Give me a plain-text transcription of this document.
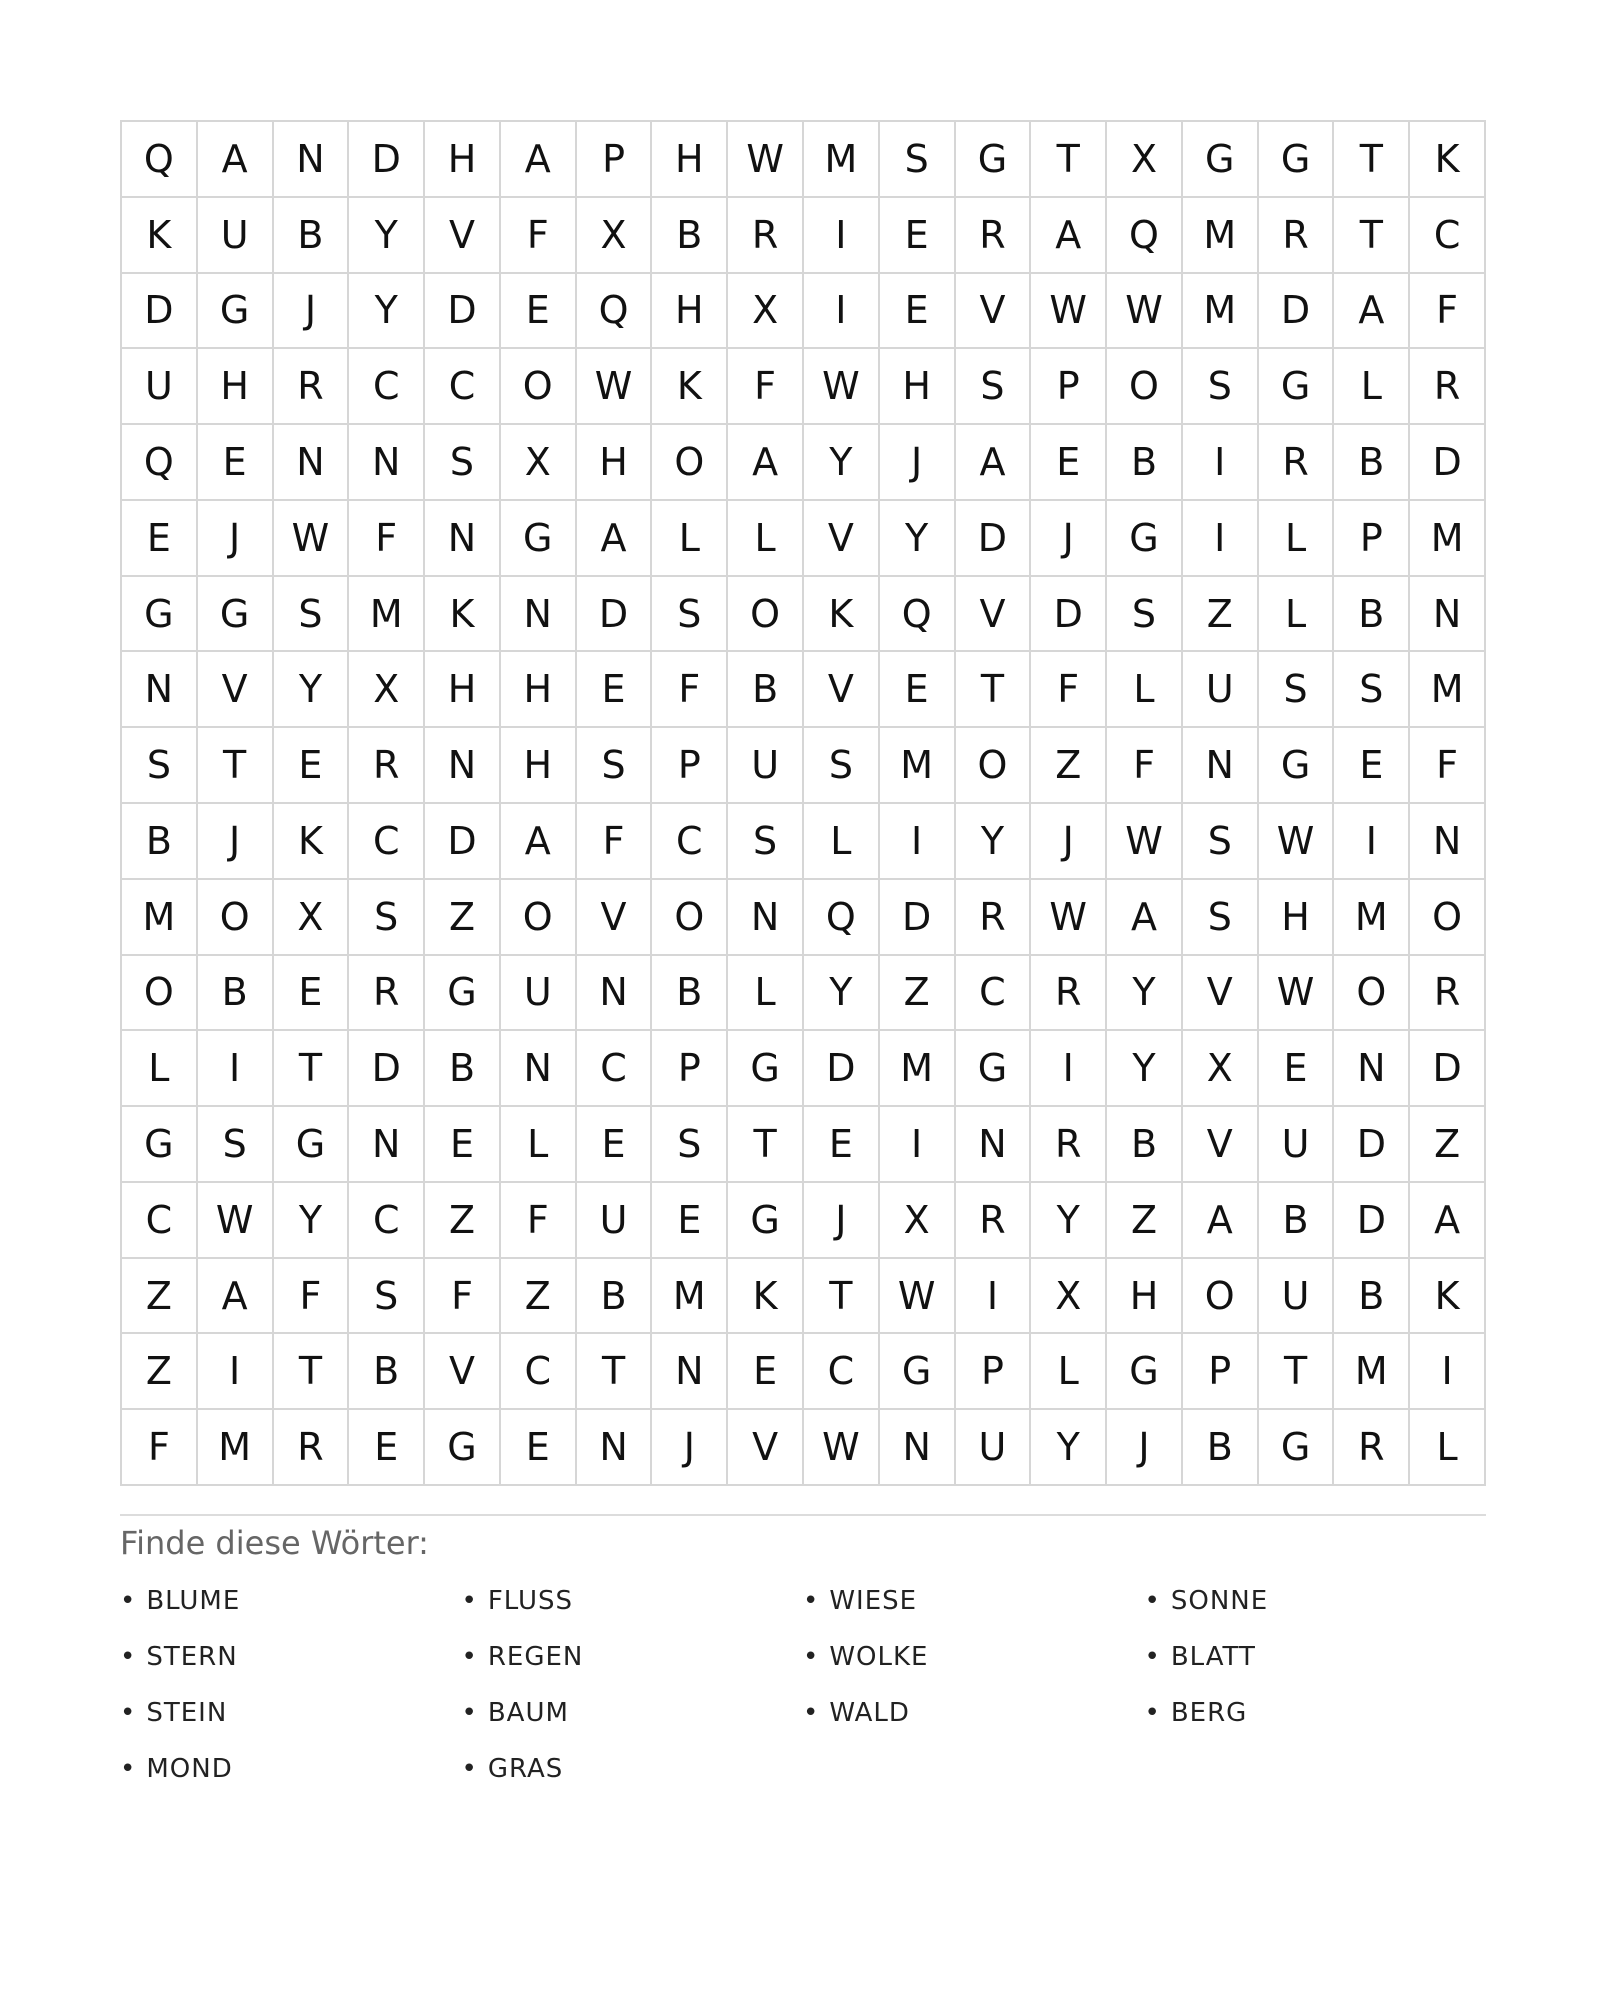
Q	A	N	D	H	A	P	H	W	M	S	G	T	X	G	G	T	K
K	U	B	Y	V	F	X	B	R	I	E	R	A	Q	M	R	T	C
D	G	J	Y	D	E	Q	H	X	I	E	V	W	W	M	D	A	F
U	H	R	C	C	O	W	K	F	W	H	S	P	O	S	G	L	R
Q	E	N	N	S	X	H	O	A	Y	J	A	E	B	I	R	B	D
E	J	W	F	N	G	A	L	L	V	Y	D	J	G	I	L	P	M
G	G	S	M	K	N	D	S	O	K	Q	V	D	S	Z	L	B	N
N	V	Y	X	H	H	E	F	B	V	E	T	F	L	U	S	S	M
S	T	E	R	N	H	S	P	U	S	M	O	Z	F	N	G	E	F
B	J	K	C	D	A	F	C	S	L	I	Y	J	W	S	W	I	N
M	O	X	S	Z	O	V	O	N	Q	D	R	W	A	S	H	M	O
O	B	E	R	G	U	N	B	L	Y	Z	C	R	Y	V	W	O	R
L	I	T	D	B	N	C	P	G	D	M	G	I	Y	X	E	N	D
G	S	G	N	E	L	E	S	T	E	I	N	R	B	V	U	D	Z
C	W	Y	C	Z	F	U	E	G	J	X	R	Y	Z	A	B	D	A
Z	A	F	S	F	Z	B	M	K	T	W	I	X	H	O	U	B	K
Z	I	T	B	V	C	T	N	E	C	G	P	L	G	P	T	M	I
F	M	R	E	G	E	N	J	V	W	N	U	Y	J	B	G	R	L
Finde diese Wörter:
• BLUME	• FLUSS	• WIESE	• SONNE
• STERN	• REGEN	• WOLKE	• BLATT
• STEIN	• BAUM	• WALD	• BERG
• MOND	• GRAS
